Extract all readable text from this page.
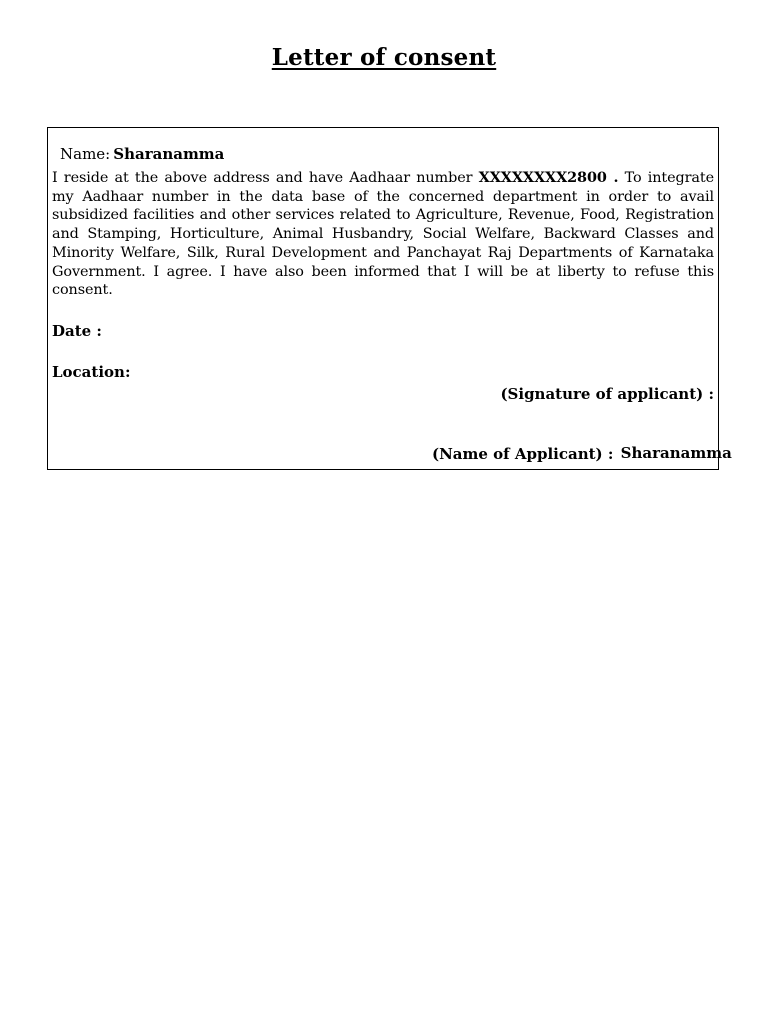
Letter of consent
Name: Sharanamma

I reside at the above address and have Aadhaar number XXXXXXXX2800 . To integrate my Aadhaar number in the data base of the concerned department in order to avail subsidized facilities and other services related to Agriculture, Revenue, Food, Registration and Stamping, Horticulture, Animal Husbandry, Social Welfare, Backward Classes and Minority Welfare, Silk, Rural Development and Panchayat Raj Departments of Karnataka Government. I agree. I have also been informed that I will be at liberty to refuse this consent.

Date :
Location:
(Signature of applicant) :
(Name of Applicant) : Sharanamma
